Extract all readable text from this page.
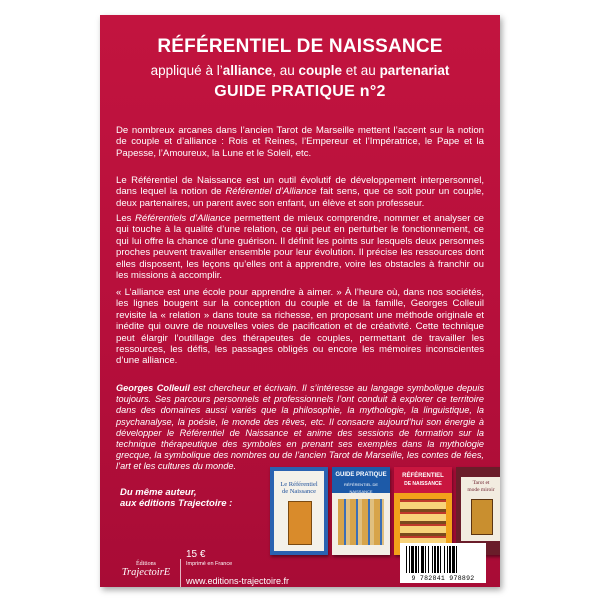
RÉFÉRENTIEL DE NAISSANCE
appliqué à l’alliance, au couple et au partenariat
GUIDE PRATIQUE n°2

De nombreux arcanes dans l’ancien Tarot de Marseille mettent l’accent sur la notion de couple et d’alliance : Rois et Reines, l’Empereur et l’Impératrice, le Pape et la Papesse, l’Amoureux, la Lune et le Soleil, etc.

Le Référentiel de Naissance est un outil évolutif de développement interpersonnel, dans lequel la notion de Référentiel d’Alliance fait sens, que ce soit pour un couple, deux partenaires, un parent avec son enfant, un élève et son professeur.

Les Référentiels d’Alliance permettent de mieux comprendre, nommer et analyser ce qui touche à la qualité d’une relation, ce qui peut en perturber le fonctionnement, ce qui lui offre la chance d’une guérison. Il définit les points sur lesquels deux personnes proches peuvent travailler ensemble pour leur évolution. Il précise les ressources dont elles disposent, les leçons qu’elles ont à apprendre, voire les obstacles à franchir ou les missions à accomplir.

« L’alliance est une école pour apprendre à aimer. » À l’heure où, dans nos sociétés, les lignes bougent sur la conception du couple et de la famille, Georges Colleuil revisite la « relation » dans toute sa richesse, en proposant une méthode originale et inédite qui ouvre de nouvelles voies de pacification et de créativité. Cette technique peut élargir l’outillage des thérapeutes de couples, permettant de travailler les ressources, les défis, les passages obligés ou encore les mémoires inconscientes d’une alliance.

Georges Colleuil est chercheur et écrivain. Il s’intéresse au langage symbolique depuis toujours. Ses parcours personnels et professionnels l’ont conduit à explorer ce territoire dans des domaines aussi variés que la philosophie, la mythologie, la linguistique, la psychanalyse, la poésie, le monde des rêves, etc. Il consacre aujourd’hui son énergie à développer le Référentiel de Naissance et anime des sessions de formation sur la technique thérapeutique des symboles en prenant ses exemples dans la mythologie grecque, la symbolique des nombres ou de l’ancien Tarot de Marseille, les contes de fées, l’art et les cultures du monde.

Du même auteur,
aux éditions Trajectoire :
Le Référentiel
de Naissance
GUIDE PRATIQUE
RÉFÉRENTIEL DE NAISSANCE
RÉFÉRENTIEL
DE NAISSANCE	Tarot et
mode miroir
Éditions
TrajectoirE
15 €
Imprimé en France
www.editions-trajectoire.fr	9 782841 978892
